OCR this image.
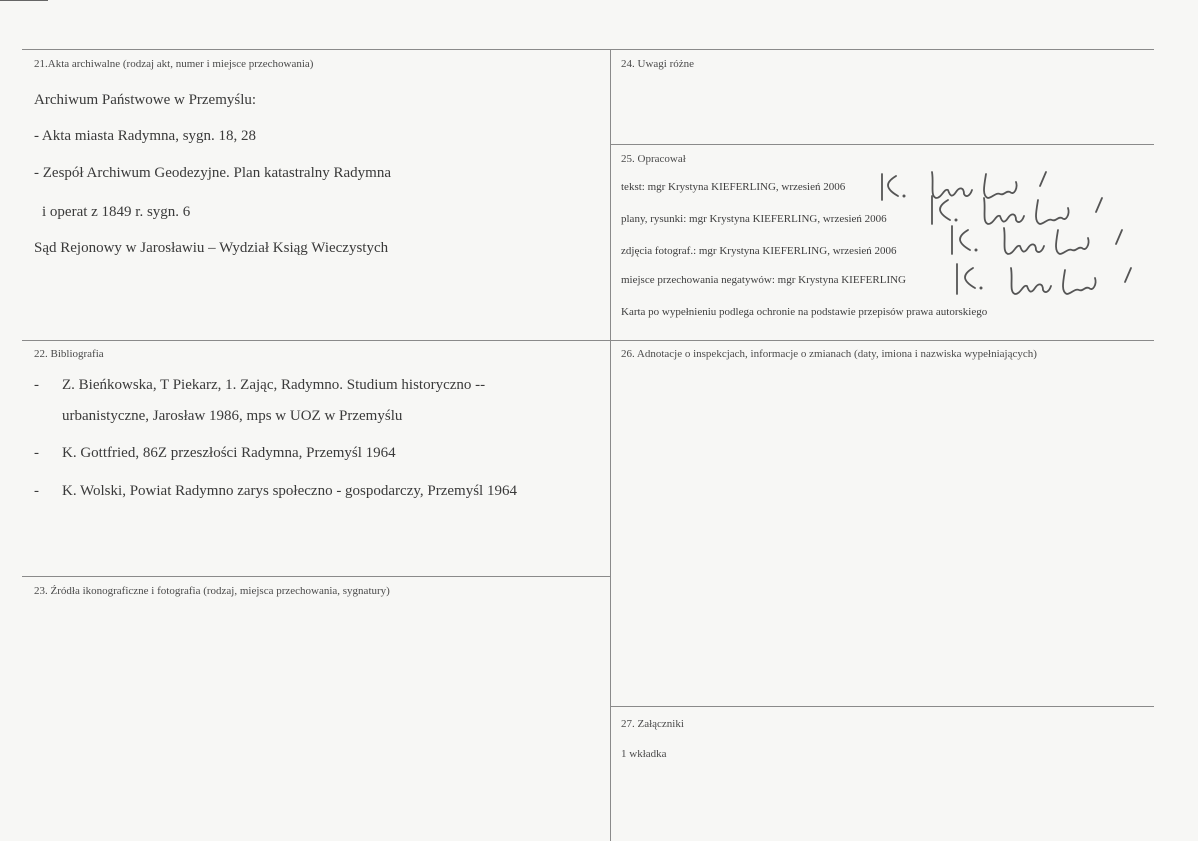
21.Akta archiwalne (rodzaj akt, numer i miejsce przechowania)
Archiwum Państwowe w Przemyślu:
- Akta miasta Radymna, sygn. 18, 28
- Zespół Archiwum Geodezyjne. Plan katastralny Radymna
i operat z 1849 r. sygn. 6
Sąd Rejonowy w Jarosławiu – Wydział Ksiąg Wieczystych
22. Bibliografia
- Z. Bieńkowska, T Piekarz, 1. Zając, Radymno. Studium historyczno --
urbanistyczne, Jarosław 1986, mps w UOZ w Przemyślu
- K. Gottfried, 86Z przeszłości Radymna, Przemyśl 1964
- K. Wolski, Powiat Radymno zarys społeczno - gospodarczy, Przemyśl 1964
23. Źródła ikonograficzne i fotografia (rodzaj, miejsca przechowania, sygnatury)
24. Uwagi różne
25. Opracował
tekst: mgr Krystyna KIEFERLING, wrzesień 2006
plany, rysunki: mgr Krystyna KIEFERLING, wrzesień 2006
zdjęcia fotograf.: mgr Krystyna KIEFERLING, wrzesień 2006
miejsce przechowania negatywów: mgr Krystyna KIEFERLING
Karta po wypełnieniu podlega ochronie na podstawie przepisów prawa autorskiego
26. Adnotacje o inspekcjach, informacje o zmianach (daty, imiona i nazwiska wypełniających)
27. Załączniki
1 wkładka
